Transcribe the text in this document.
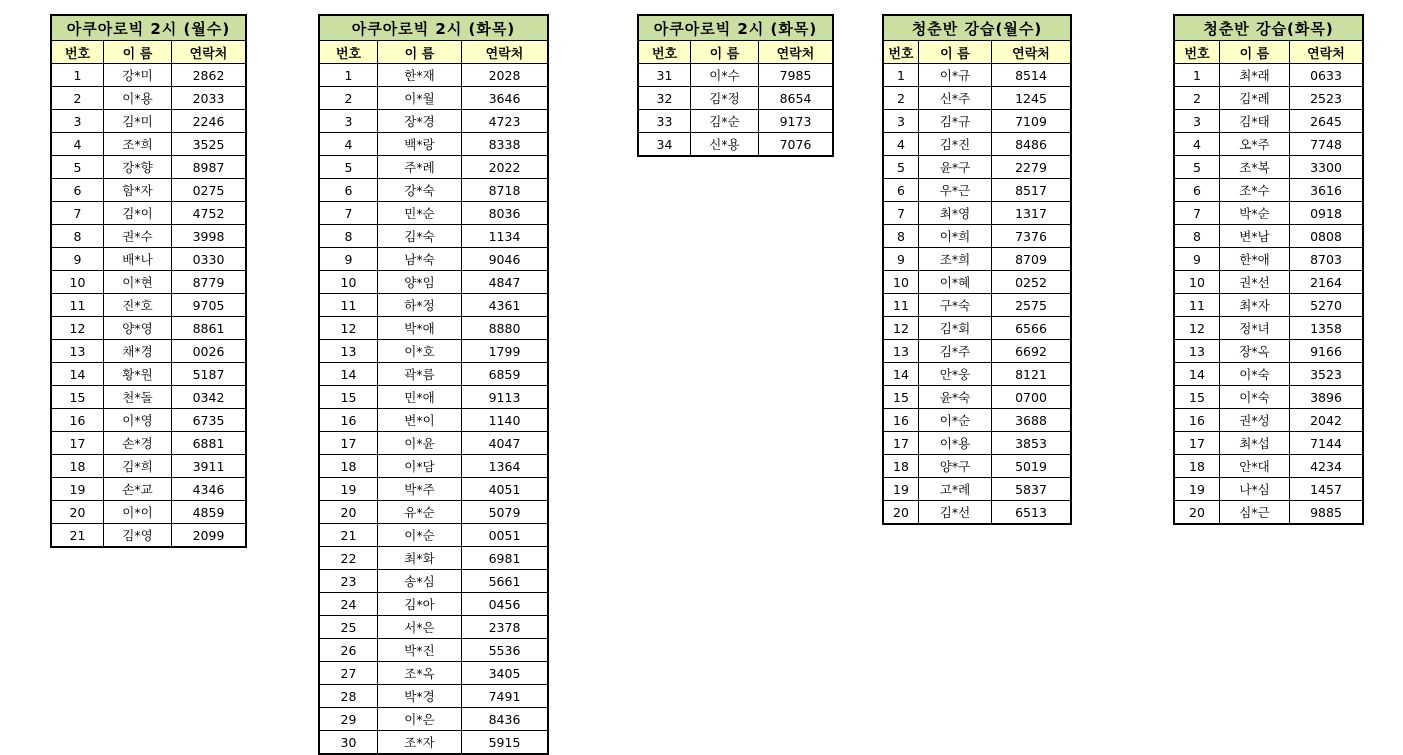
아쿠아로빅 2시 (월수)
번호	이 름	연락처
1	강*미	2862
2	이*용	2033
3	김*미	2246
4	조*희	3525
5	강*향	8987
6	함*자	0275
7	김*이	4752
8	권*수	3998
9	배*나	0330
10	이*현	8779
11	진*호	9705
12	양*영	8861
13	채*경	0026
14	황*원	5187
15	천*돌	0342
16	이*영	6735
17	손*경	6881
18	김*희	3911
19	손*교	4346
20	이*이	4859
21	김*영	2099
아쿠아로빅 2시 (화목)
번호	이 름	연락처
1	한*재	2028
2	이*월	3646
3	장*경	4723
4	백*랑	8338
5	주*례	2022
6	강*숙	8718
7	민*순	8036
8	김*숙	1134
9	남*숙	9046
10	양*임	4847
11	하*정	4361
12	박*애	8880
13	이*호	1799
14	곽*름	6859
15	민*애	9113
16	변*이	1140
17	이*윤	4047
18	이*담	1364
19	박*주	4051
20	유*순	5079
21	이*순	0051
22	최*화	6981
23	송*심	5661
24	김*아	0456
25	서*은	2378
26	박*진	5536
27	조*옥	3405
28	박*경	7491
29	이*은	8436
30	조*자	5915
아쿠아로빅 2시 (화목)
번호	이 름	연락처
31	이*수	7985
32	김*정	8654
33	김*순	9173
34	신*용	7076
청춘반 강습(월수)
번호	이 름	연락처
1	이*규	8514
2	신*주	1245
3	김*규	7109
4	김*진	8486
5	윤*구	2279
6	우*근	8517
7	최*영	1317
8	이*희	7376
9	조*희	8709
10	이*혜	0252
11	구*숙	2575
12	김*회	6566
13	김*주	6692
14	안*웅	8121
15	윤*숙	0700
16	이*순	3688
17	이*용	3853
18	양*구	5019
19	고*례	5837
20	김*선	6513
청춘반 강습(화목)
번호	이 름	연락처
1	최*래	0633
2	김*례	2523
3	김*태	2645
4	오*주	7748
5	조*복	3300
6	조*수	3616
7	박*순	0918
8	변*남	0808
9	한*애	8703
10	권*선	2164
11	최*자	5270
12	정*녀	1358
13	장*옥	9166
14	이*숙	3523
15	이*숙	3896
16	권*성	2042
17	최*섭	7144
18	안*대	4234
19	나*심	1457
20	심*근	9885
